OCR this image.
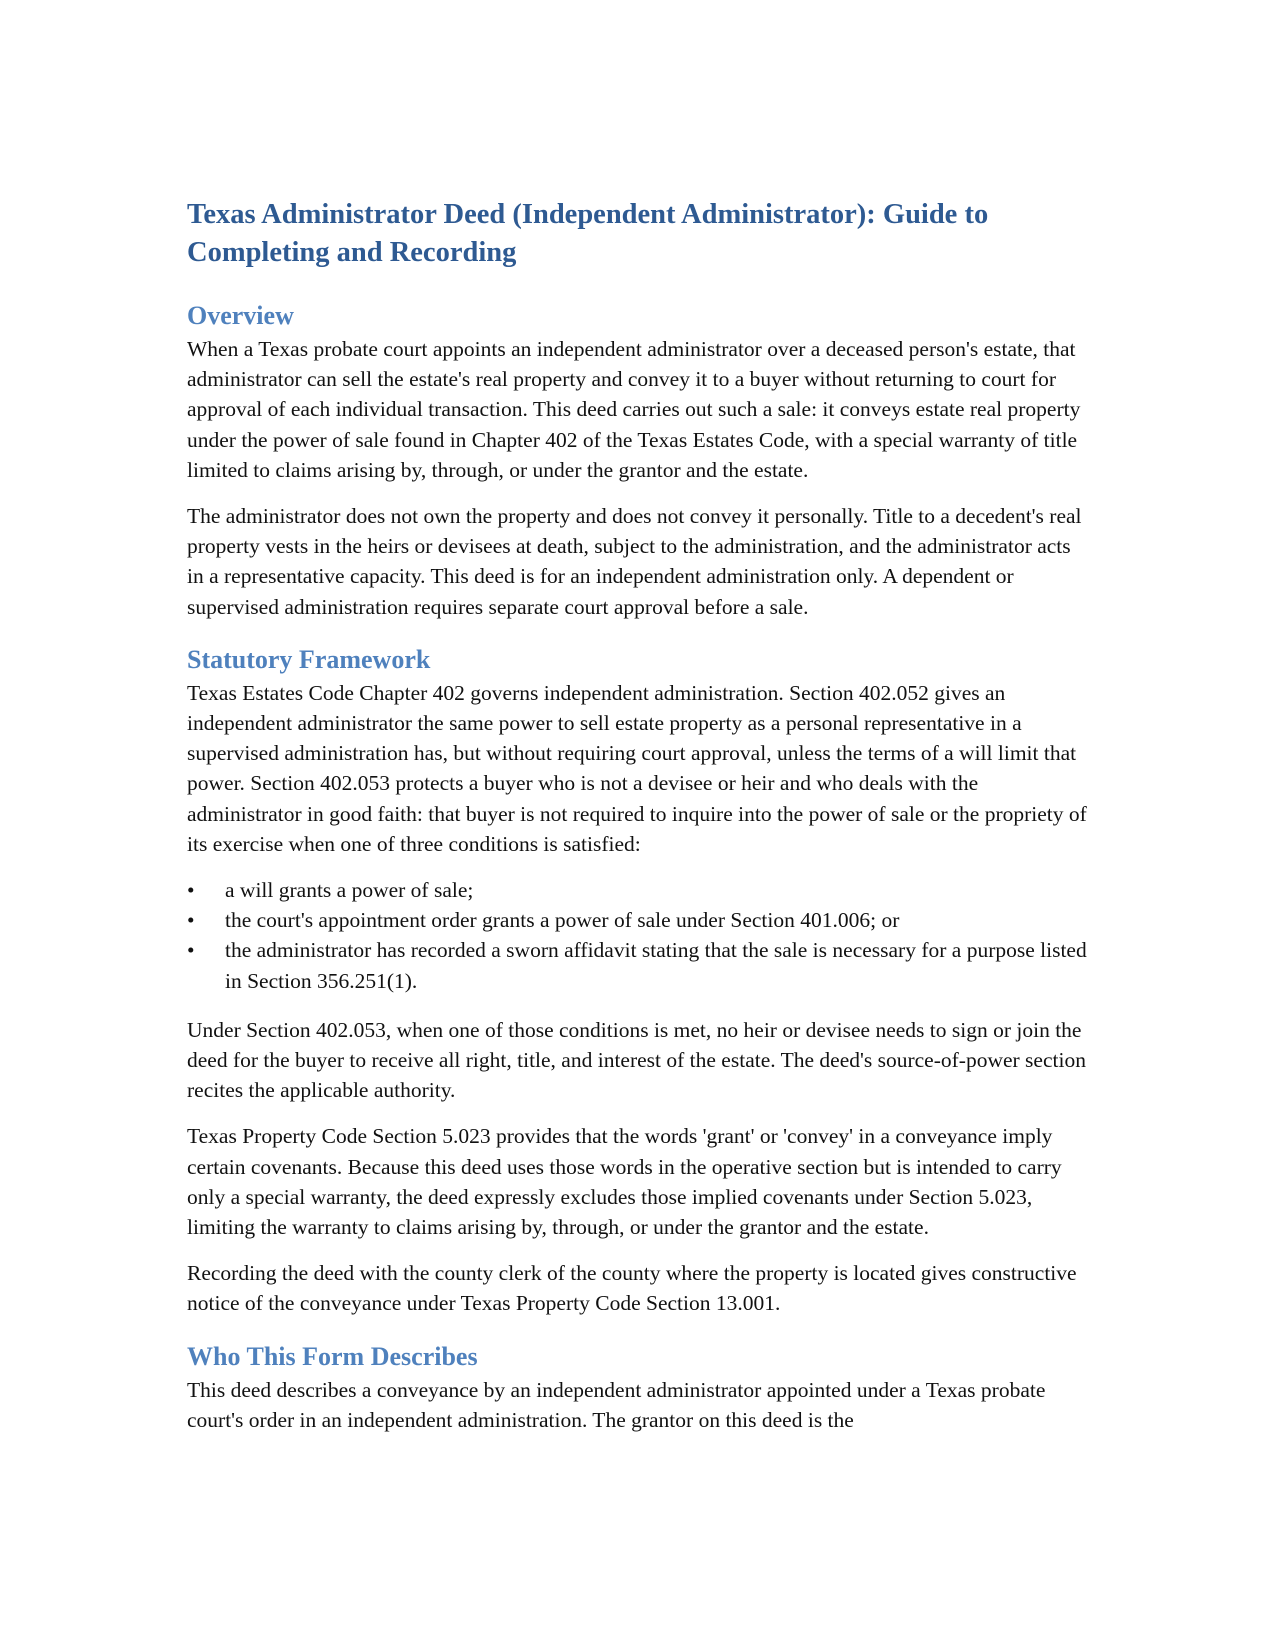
Texas Administrator Deed (Independent Administrator): Guide to Completing and Recording
Overview

When a Texas probate court appoints an independent administrator over a deceased person's estate, that administrator can sell the estate's real property and convey it to a buyer without returning to court for approval of each individual transaction. This deed carries out such a sale: it conveys estate real property under the power of sale found in Chapter 402 of the Texas Estates Code, with a special warranty of title limited to claims arising by, through, or under the grantor and the estate.

The administrator does not own the property and does not convey it personally. Title to a decedent's real property vests in the heirs or devisees at death, subject to the administration, and the administrator acts in a representative capacity. This deed is for an independent administration only. A dependent or supervised administration requires separate court approval before a sale.

Statutory Framework

Texas Estates Code Chapter 402 governs independent administration. Section 402.052 gives an independent administrator the same power to sell estate property as a personal representative in a supervised administration has, but without requiring court approval, unless the terms of a will limit that power. Section 402.053 protects a buyer who is not a devisee or heir and who deals with the administrator in good faith: that buyer is not required to inquire into the power of sale or the propriety of its exercise when one of three conditions is satisfied:

• a will grants a power of sale;
• the court's appointment order grants a power of sale under Section 401.006; or
• the administrator has recorded a sworn affidavit stating that the sale is necessary for a purpose listed in Section 356.251(1).

Under Section 402.053, when one of those conditions is met, no heir or devisee needs to sign or join the deed for the buyer to receive all right, title, and interest of the estate. The deed's source-of-power section recites the applicable authority.

Texas Property Code Section 5.023 provides that the words 'grant' or 'convey' in a conveyance imply certain covenants. Because this deed uses those words in the operative section but is intended to carry only a special warranty, the deed expressly excludes those implied covenants under Section 5.023, limiting the warranty to claims arising by, through, or under the grantor and the estate.

Recording the deed with the county clerk of the county where the property is located gives constructive notice of the conveyance under Texas Property Code Section 13.001.

Who This Form Describes

This deed describes a conveyance by an independent administrator appointed under a Texas probate court's order in an independent administration. The grantor on this deed is the
